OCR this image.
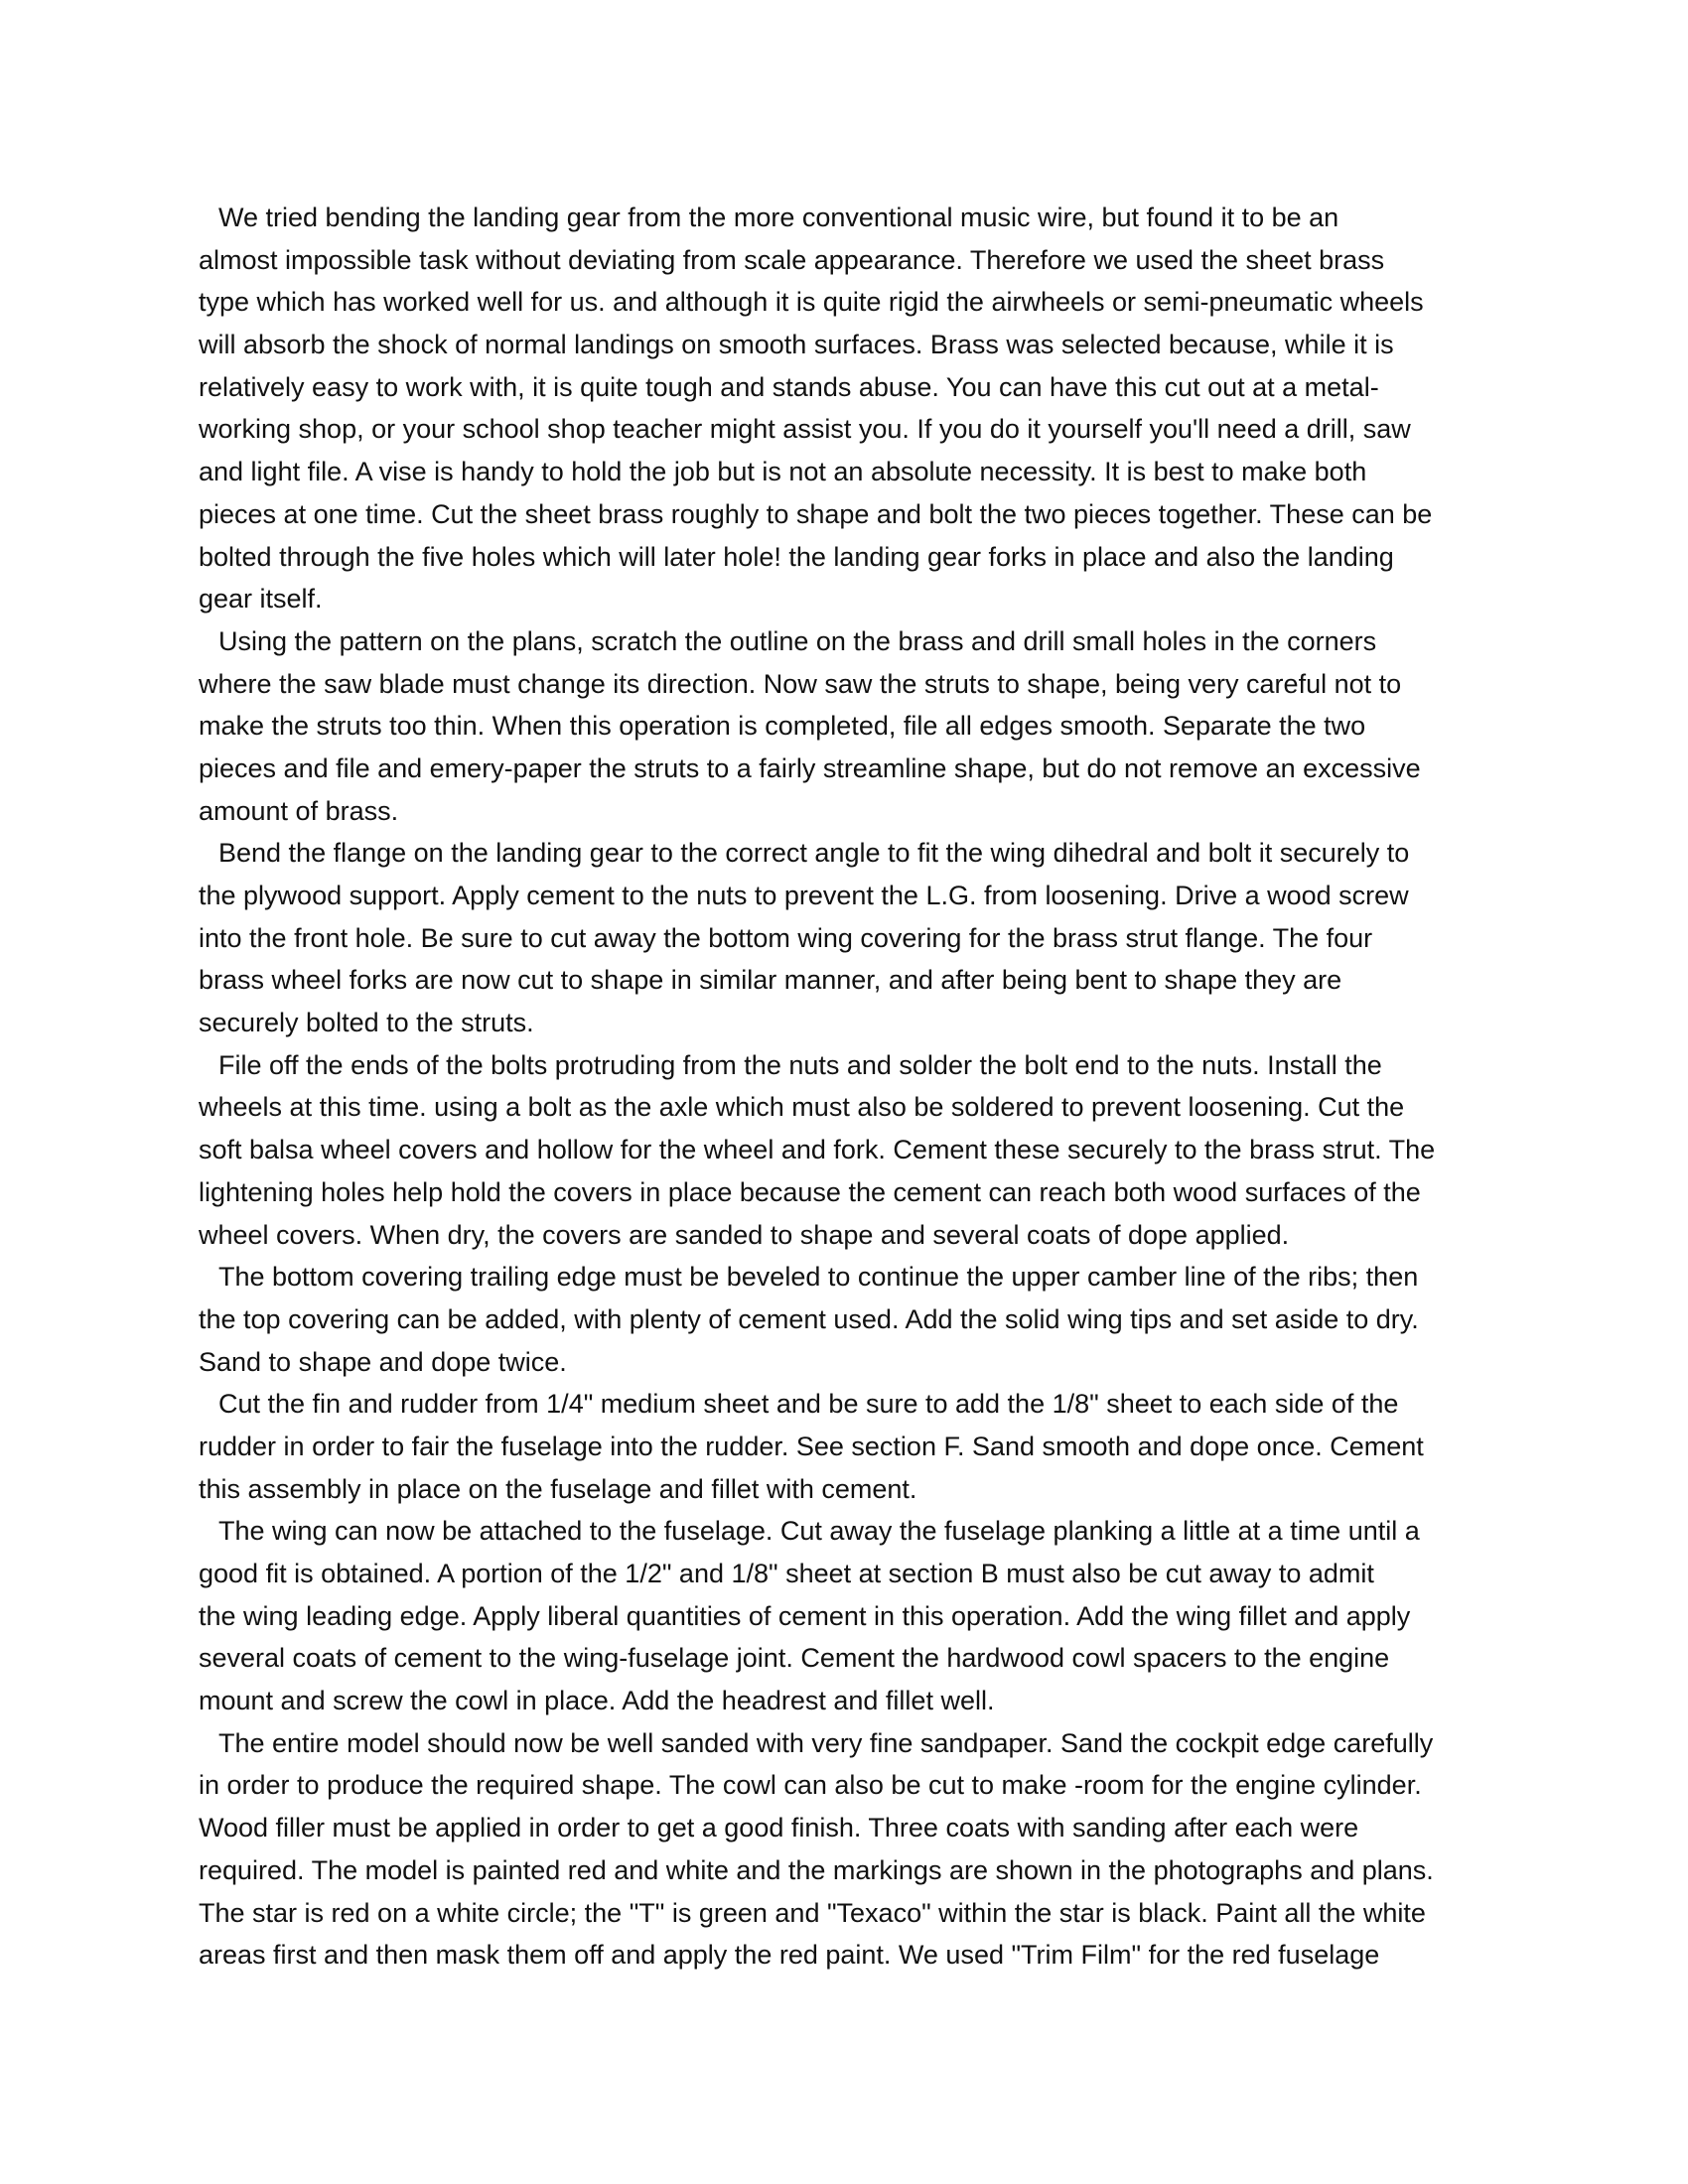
We tried bending the landing gear from the more conventional music wire, but found it to be an
almost impossible task without deviating from scale appearance. Therefore we used the sheet brass
type which has worked well for us. and although it is quite rigid the airwheels or semi-pneumatic wheels
will absorb the shock of normal landings on smooth surfaces. Brass was selected because, while it is
relatively easy to work with, it is quite tough and stands abuse. You can have this cut out at a metal-
working shop, or your school shop teacher might assist you. If you do it yourself you'll need a drill, saw
and light file. A vise is handy to hold the job but is not an absolute necessity. It is best to make both
pieces at one time. Cut the sheet brass roughly to shape and bolt the two pieces together. These can be
bolted through the five holes which will later hole! the landing gear forks in place and also the landing
gear itself.
Using the pattern on the plans, scratch the outline on the brass and drill small holes in the corners
where the saw blade must change its direction. Now saw the struts to shape, being very careful not to
make the struts too thin. When this operation is completed, file all edges smooth. Separate the two
pieces and file and emery-paper the struts to a fairly streamline shape, but do not remove an excessive
amount of brass.
Bend the flange on the landing gear to the correct angle to fit the wing dihedral and bolt it securely to
the plywood support. Apply cement to the nuts to prevent the L.G. from loosening. Drive a wood screw
into the front hole. Be sure to cut away the bottom wing covering for the brass strut flange. The four
brass wheel forks are now cut to shape in similar manner, and after being bent to shape they are
securely bolted to the struts.
File off the ends of the bolts protruding from the nuts and solder the bolt end to the nuts. Install the
wheels at this time. using a bolt as the axle which must also be soldered to prevent loosening. Cut the
soft balsa wheel covers and hollow for the wheel and fork. Cement these securely to the brass strut. The
lightening holes help hold the covers in place because the cement can reach both wood surfaces of the
wheel covers. When dry, the covers are sanded to shape and several coats of dope applied.
The bottom covering trailing edge must be beveled to continue the upper camber line of the ribs; then
the top covering can be added, with plenty of cement used. Add the solid wing tips and set aside to dry.
Sand to shape and dope twice.
Cut the fin and rudder from 1/4" medium sheet and be sure to add the 1/8" sheet to each side of the
rudder in order to fair the fuselage into the rudder. See section F. Sand smooth and dope once. Cement
this assembly in place on the fuselage and fillet with cement.
The wing can now be attached to the fuselage. Cut away the fuselage planking a little at a time until a
good fit is obtained. A portion of the 1/2" and 1/8" sheet at section B must also be cut away to admit
the wing leading edge. Apply liberal quantities of cement in this operation. Add the wing fillet and apply
several coats of cement to the wing-fuselage joint. Cement the hardwood cowl spacers to the engine
mount and screw the cowl in place. Add the headrest and fillet well.
The entire model should now be well sanded with very fine sandpaper. Sand the cockpit edge carefully
in order to produce the required shape. The cowl can also be cut to make -room for the engine cylinder.
Wood filler must be applied in order to get a good finish. Three coats with sanding after each were
required. The model is painted red and white and the markings are shown in the photographs and plans.
The star is red on a white circle; the "T" is green and "Texaco" within the star is black. Paint all the white
areas first and then mask them off and apply the red paint. We used "Trim Film" for the red fuselage
